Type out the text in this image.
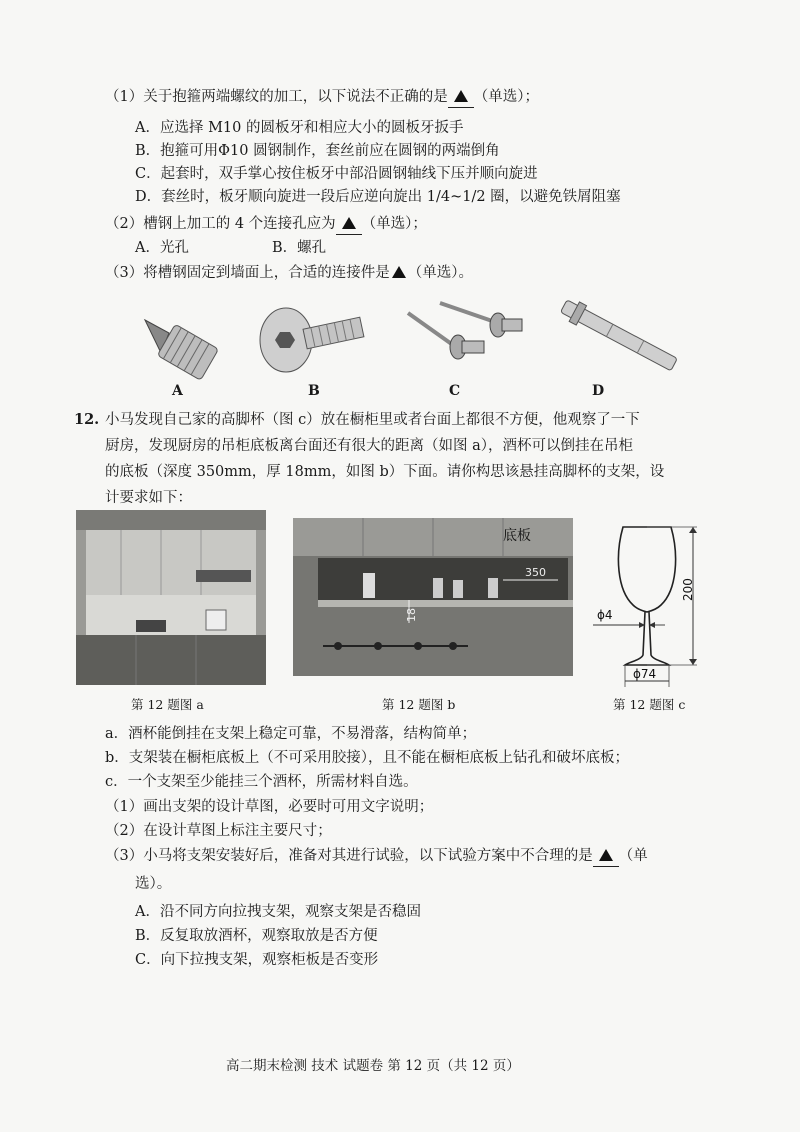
（1）关于抱箍两端螺纹的加工，以下说法不正确的是 （单选）；
A．应选择 M10 的圆板牙和相应大小的圆板牙扳手
B．抱箍可用Φ10 圆钢制作，套丝前应在圆钢的两端倒角
C．起套时，双手掌心按住板牙中部沿圆钢轴线下压并顺向旋进
D．套丝时，板牙顺向旋进一段后应逆向旋出 1/4~1/2 圈，以避免铁屑阻塞
（2）槽钢上加工的 4 个连接孔应为 （单选）；
A．光孔	B．螺孔
（3）将槽钢固定到墙面上，合适的连接件是 （单选）。
A	B	C	D
12. 小马发现自己家的高脚杯（图 c）放在橱柜里或者台面上都很不方便，他观察了一下
厨房，发现厨房的吊柜底板离台面还有很大的距离（如图 a），酒杯可以倒挂在吊柜
的底板（深度 350mm，厚 18mm，如图 b）下面。请你构思该悬挂高脚杯的支架，设
计要求如下：
底板
350
18
200
ϕ4
ϕ74
第 12 题图 a	第 12 题图 b	第 12 题图 c
a．酒杯能倒挂在支架上稳定可靠，不易滑落，结构简单；
b．支架装在橱柜底板上（不可采用胶接），且不能在橱柜底板上钻孔和破坏底板；
c．一个支架至少能挂三个酒杯，所需材料自选。
（1）画出支架的设计草图，必要时可用文字说明；
（2）在设计草图上标注主要尺寸；
（3）小马将支架安装好后，准备对其进行试验，以下试验方案中不合理的是 （单
选）。
A．沿不同方向拉拽支架，观察支架是否稳固
B．反复取放酒杯，观察取放是否方便
C．向下拉拽支架，观察柜板是否变形
高二期末检测 技术 试题卷 第 12 页（共 12 页）
